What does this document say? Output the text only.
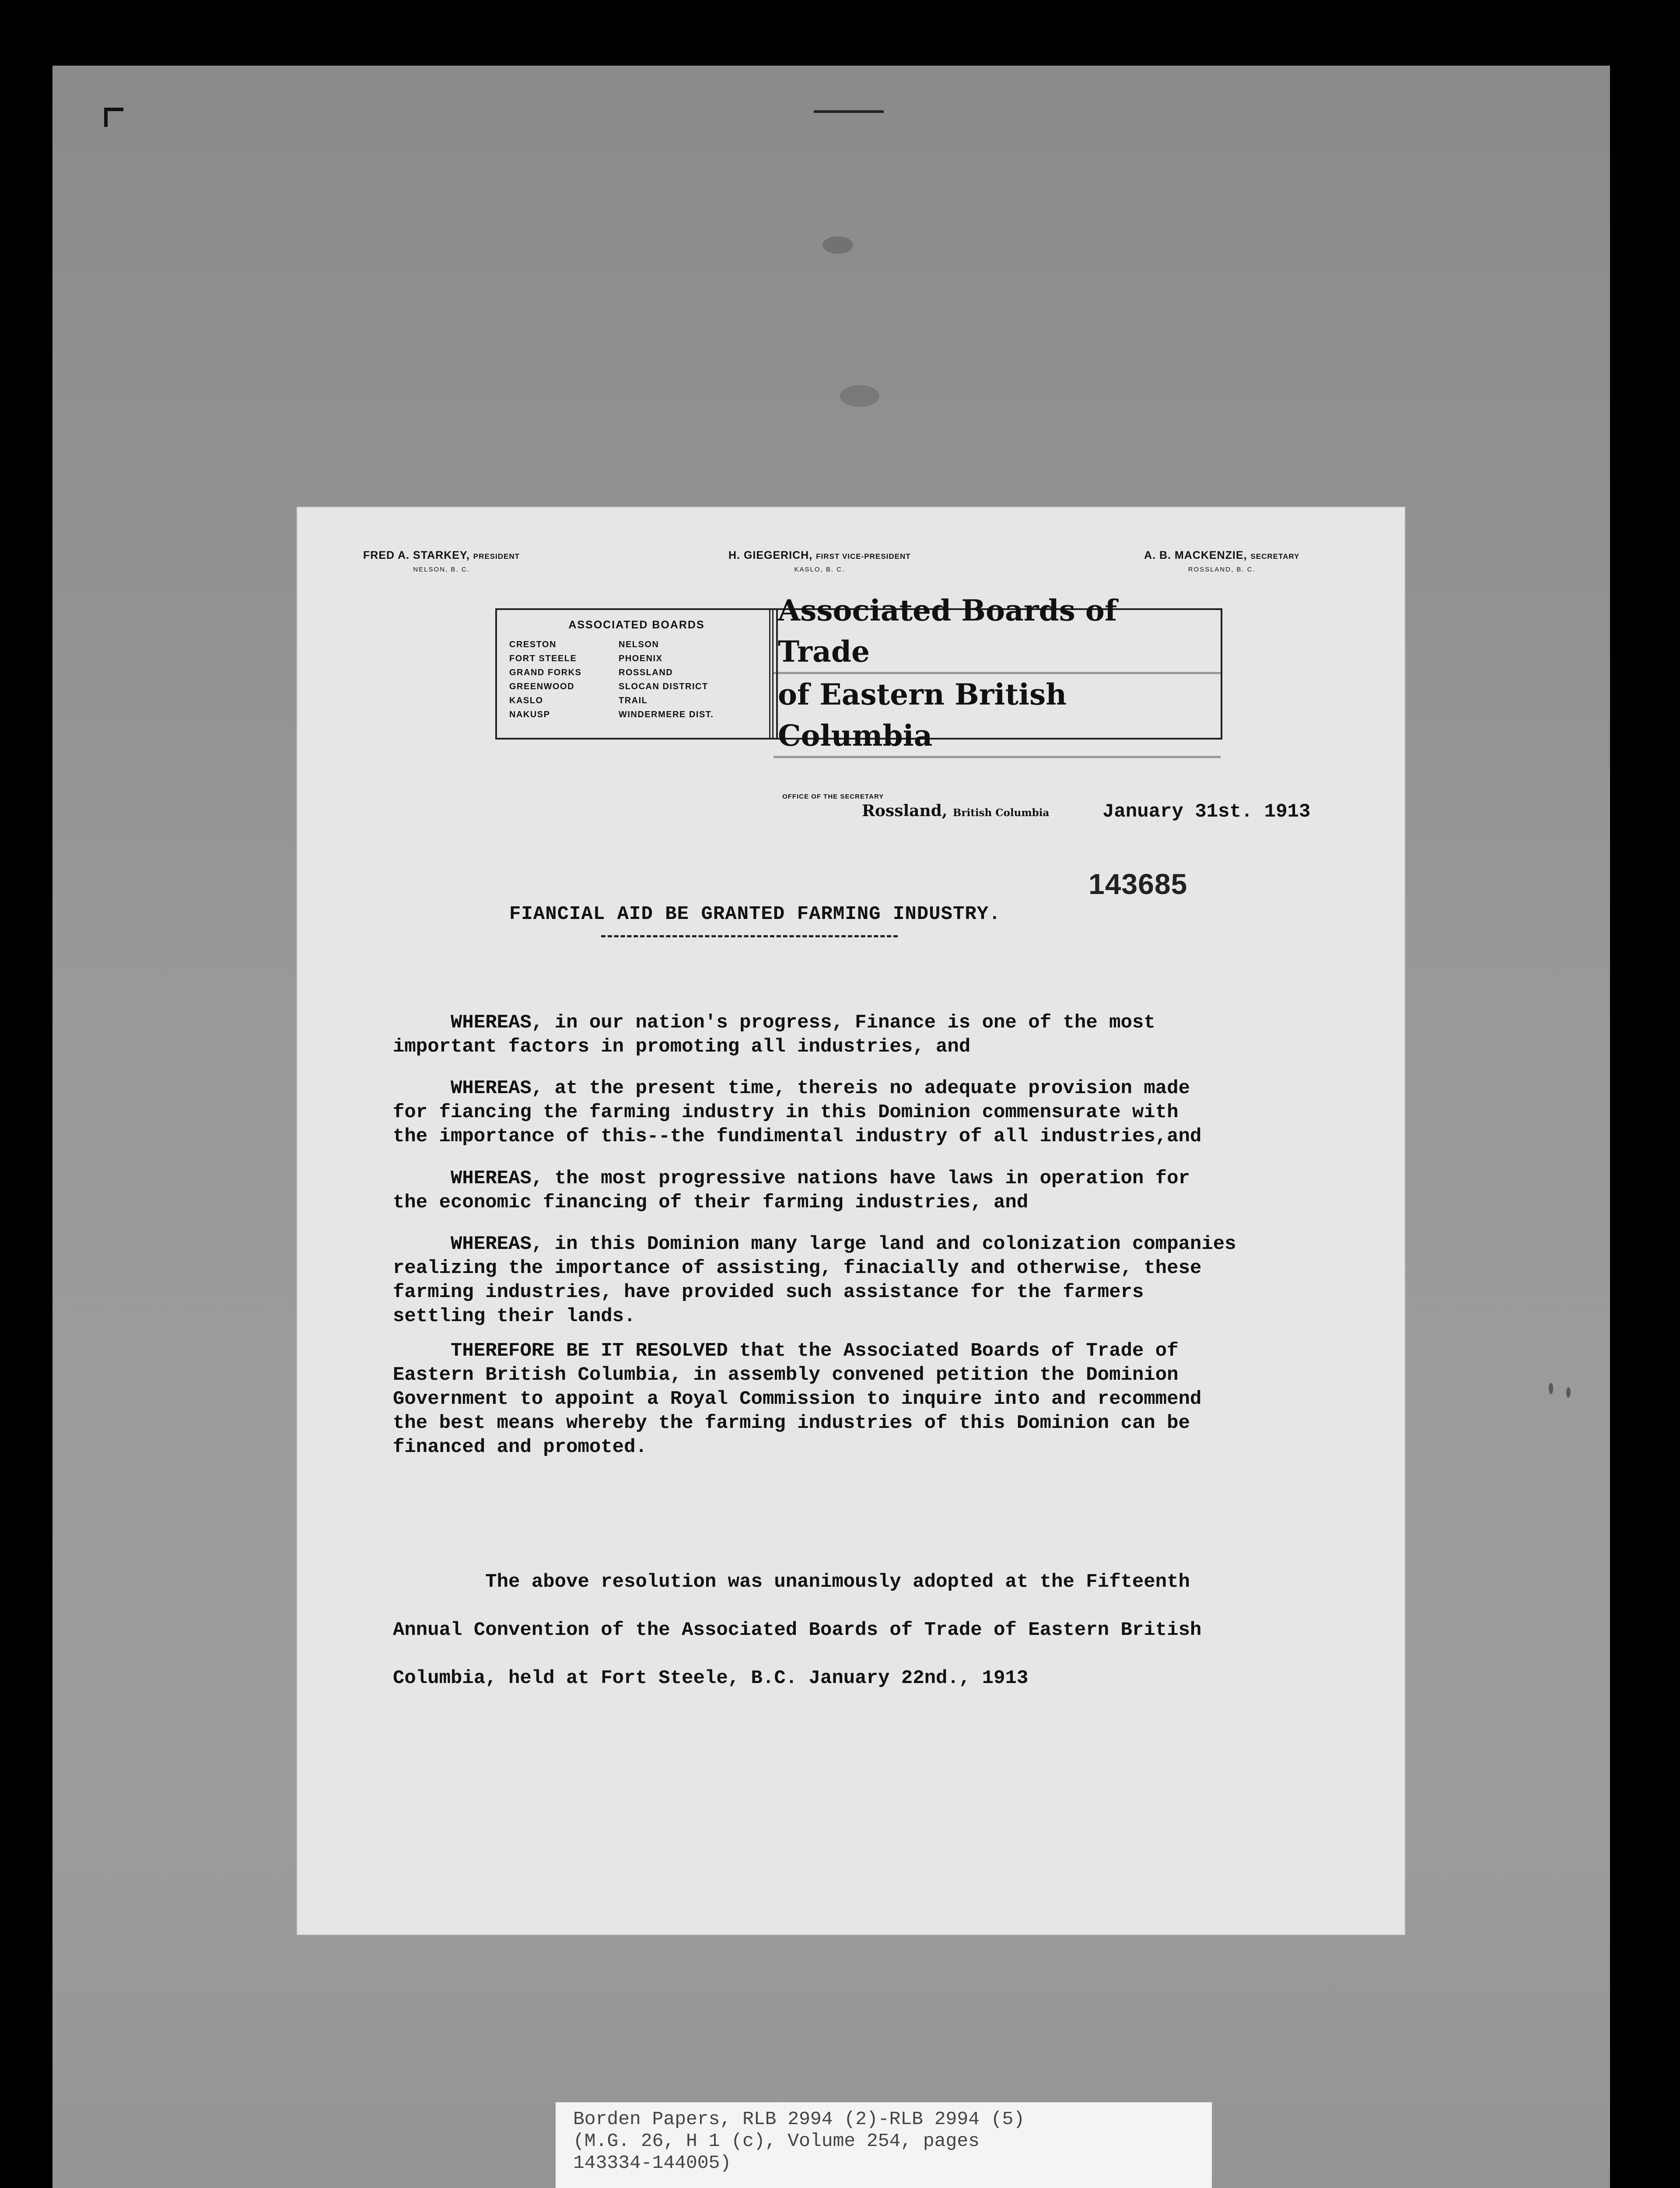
FRED A. STARKEY, PRESIDENT
NELSON, B. C.
H. GIEGERICH, FIRST VICE-PRESIDENT
KASLO, B. C.
A. B. MACKENZIE, SECRETARY
ROSSLAND, B. C.
ASSOCIATED BOARDS
CRESTON
FORT STEELE
GRAND FORKS
GREENWOOD
KASLO
NAKUSP
NELSON
PHOENIX
ROSSLAND
SLOCAN DISTRICT
TRAIL
WINDERMERE DIST.
Associated Boards of Trade
of Eastern British Columbia
OFFICE OF THE SECRETARY
Rossland, British Columbia	January 31st. 1913
143685
FIANCIAL AID BE GRANTED FARMING INDUSTRY.

WHEREAS, in our nation's progress, Finance is one of the most
important factors in promoting all industries, and

WHEREAS, at the present time, thereis no adequate provision made
for fiancing the farming industry in this Dominion commensurate with
the importance of this--the fundimental industry of all industries,and

WHEREAS, the most progressive nations have laws in operation for
the economic financing of their farming industries, and

WHEREAS, in this Dominion many large land and colonization companies
realizing the importance of assisting, finacially and otherwise, these
farming industries, have provided such assistance for the farmers
settling their lands.

THEREFORE BE IT RESOLVED that the Associated Boards of Trade of
Eastern British Columbia, in assembly convened petition the Dominion
Government to appoint a Royal Commission to inquire into and recommend
the best means whereby the farming industries of this Dominion can be
financed and promoted.

The above resolution was unanimously adopted at the Fifteenth
Annual Convention of the Associated Boards of Trade of Eastern British
Columbia, held at Fort Steele, B.C. January 22nd., 1913

Borden Papers, RLB 2994 (2)-RLB 2994 (5)
(M.G. 26, H 1 (c), Volume 254, pages
143334-144005)
